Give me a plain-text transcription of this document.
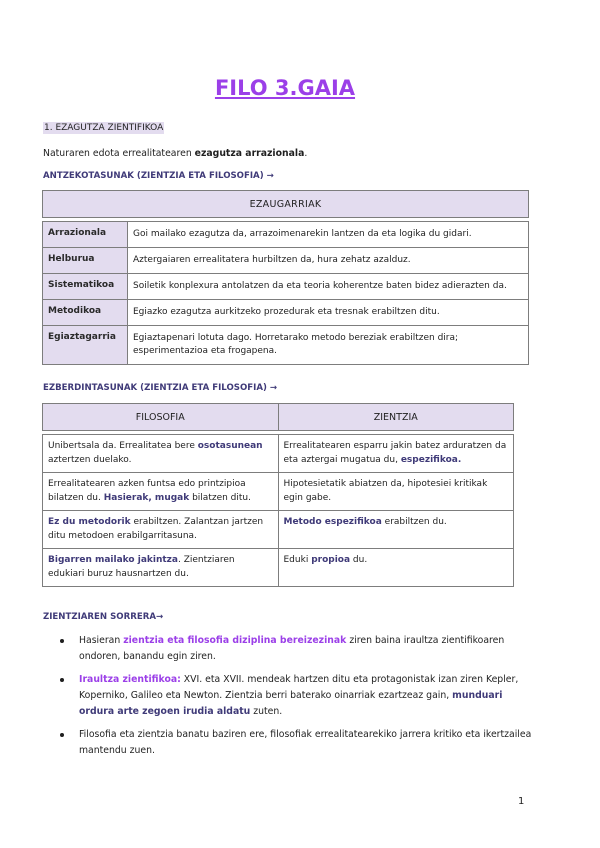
FILO 3.GAIA
1. EZAGUTZA ZIENTIFIKOA
Naturaren edota errealitatearen ezagutza arrazionala.
ANTZEKOTASUNAK (ZIENTZIA ETA FILOSOFIA) →
EZAUGARRIAK	

Arrazionala	Goi mailako ezagutza da, arrazoimenarekin lantzen da eta logika du gidari.
Helburua	Aztergaiaren errealitatera hurbiltzen da, hura zehatz azalduz.
Sistematikoa	Soiletik konplexura antolatzen da eta teoria koherentze baten bidez adierazten da.
Metodikoa	Egiazko ezagutza aurkitzeko prozedurak eta tresnak erabiltzen ditu.
Egiaztagarria	Egiaztapenari lotuta dago. Horretarako metodo bereziak erabiltzen dira; esperimentazioa eta frogapena.
EZBERDINTASUNAK (ZIENTZIA ETA FILOSOFIA) →
FILOSOFIA	ZIENTZIA

Unibertsala da. Errealitatea bere osotasunean aztertzen duelako.	Errealitatearen esparru jakin batez arduratzen da eta aztergai mugatua du, espezifikoa.
Errealitatearen azken funtsa edo printzipioa bilatzen du. Hasierak, mugak bilatzen ditu.	Hipotesietatik abiatzen da, hipotesiei kritikak egin gabe.
Ez du metodorik erabiltzen. Zalantzan jartzen ditu metodoen erabilgarritasuna.	Metodo espezifikoa erabiltzen du.
Bigarren mailako jakintza. Zientziaren edukiari buruz hausnartzen du.	Eduki propioa du.
ZIENTZIAREN SORRERA→
Hasieran zientzia eta filosofia diziplina bereizezinak ziren baina iraultza zientifikoaren ondoren, banandu egin ziren.
Iraultza zientifikoa: XVI. eta XVII. mendeak hartzen ditu eta protagonistak izan ziren Kepler, Koperniko, Galileo eta Newton. Zientzia berri baterako oinarriak ezartzeaz gain, munduari ordura arte zegoen irudia aldatu zuten.
Filosofia eta zientzia banatu baziren ere, filosofiak errealitatearekiko jarrera kritiko eta ikertzailea mantendu zuen.
1
